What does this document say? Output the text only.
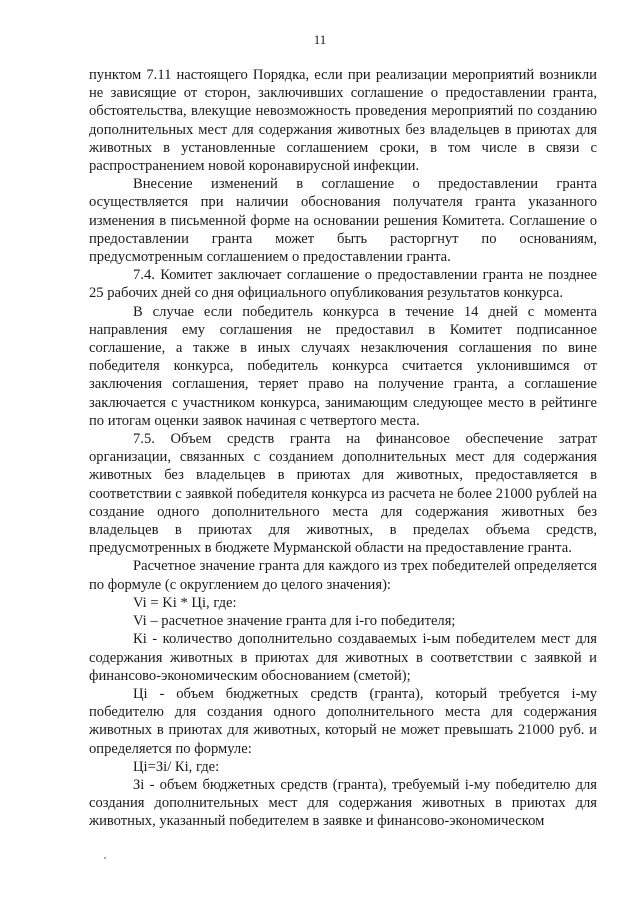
11

пунктом 7.11 настоящего Порядка, если при реализации мероприятий возникли не зависящие от сторон, заключивших соглашение о предоставлении гранта, обстоятельства, влекущие невозможность проведения мероприятий по созданию дополнительных мест для содержания животных без владельцев в приютах для животных в установленные соглашением сроки, в том числе в связи с распространением новой коронавирусной инфекции.

Внесение изменений в соглашение о предоставлении гранта осуществляется при наличии обоснования получателя гранта указанного изменения в письменной форме на основании решения Комитета. Соглашение о предоставлении гранта может быть расторгнут по основаниям, предусмотренным соглашением о предоставлении гранта.

7.4. Комитет заключает соглашение о предоставлении гранта не позднее 25 рабочих дней со дня официального опубликования результатов конкурса.

В случае если победитель конкурса в течение 14 дней с момента направления ему соглашения не предоставил в Комитет подписанное соглашение, а также в иных случаях незаключения соглашения по вине победителя конкурса, победитель конкурса считается уклонившимся от заключения соглашения, теряет право на получение гранта, а соглашение заключается с участником конкурса, занимающим следующее место в рейтинге по итогам оценки заявок начиная с четвертого места.

7.5. Объем средств гранта на финансовое обеспечение затрат организации, связанных с созданием дополнительных мест для содержания животных без владельцев в приютах для животных, предоставляется в соответствии с заявкой победителя конкурса из расчета не более 21000 рублей на создание одного дополнительного места для содержания животных без владельцев в приютах для животных, в пределах объема средств, предусмотренных в бюджете Мурманской области на предоставление гранта.

Расчетное значение гранта для каждого из трех победителей определяется по формуле (с округлением до целого значения):

Vi = Ki * Цi, где:

Vi – расчетное значение гранта для i-го победителя;

Кi - количество дополнительно создаваемых i-ым победителем мест для содержания животных в приютах для животных в соответствии с заявкой и финансово-экономическим обоснованием (сметой);

Цi - объем бюджетных средств (гранта), который требуется i-му победителю для создания одного дополнительного места для содержания животных в приютах для животных, который не может превышать 21000 руб. и определяется по формуле:

Цi=Зi/ Кi, где:

Зi - объем бюджетных средств (гранта), требуемый i-му победителю для создания дополнительных мест для содержания животных в приютах для животных, указанный победителем в заявке и финансово-экономическом
